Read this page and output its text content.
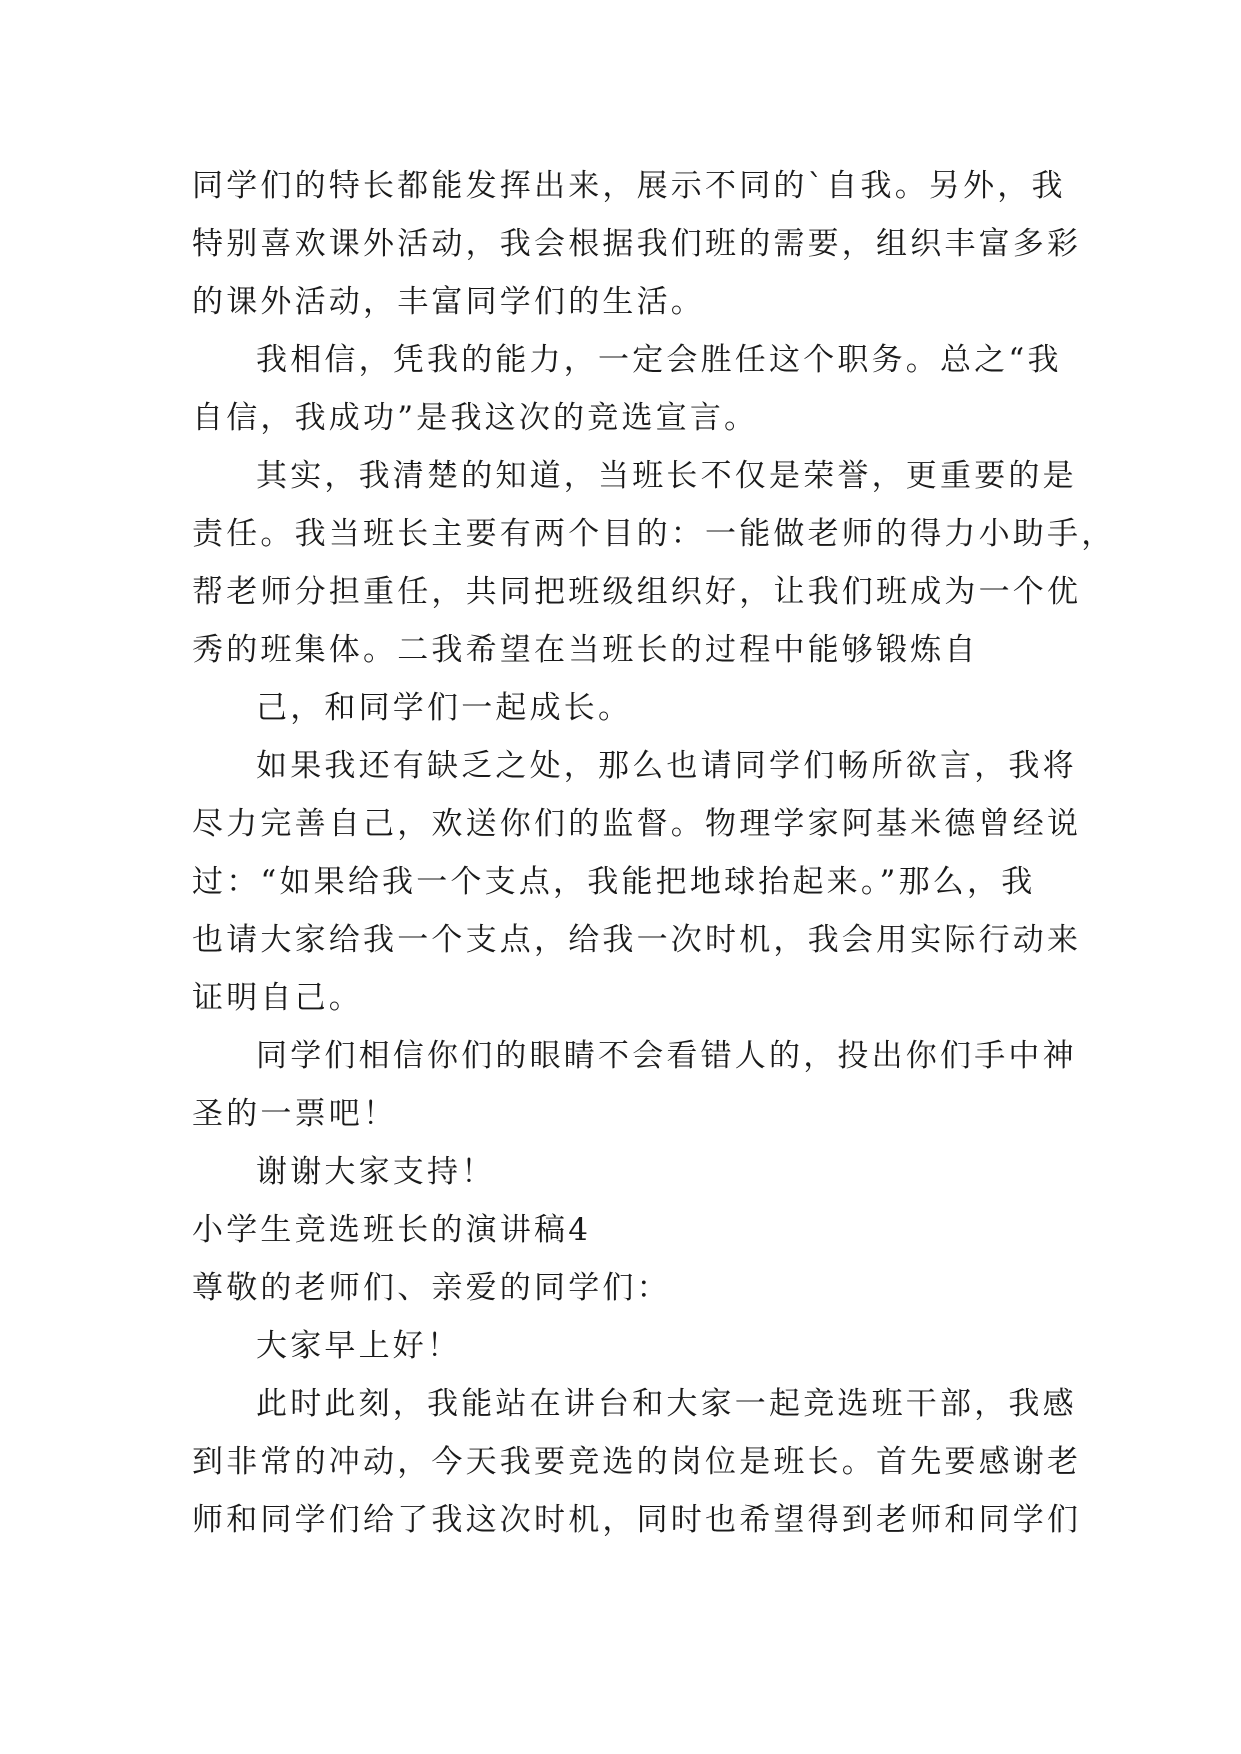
同学们的特长都能发挥出来，展示不同的`自我。另外，我
特别喜欢课外活动，我会根据我们班的需要，组织丰富多彩
的课外活动，丰富同学们的生活。
我相信，凭我的能力，一定会胜任这个职务。总之“我
自信，我成功”是我这次的竞选宣言。
其实，我清楚的知道，当班长不仅是荣誉，更重要的是
责任。我当班长主要有两个目的：一能做老师的得力小助手，
帮老师分担重任，共同把班级组织好，让我们班成为一个优
秀的班集体。二我希望在当班长的过程中能够锻炼自
己，和同学们一起成长。
如果我还有缺乏之处，那么也请同学们畅所欲言，我将
尽力完善自己，欢送你们的监督。物理学家阿基米德曾经说
过：“如果给我一个支点，我能把地球抬起来。”那么，我
也请大家给我一个支点，给我一次时机，我会用实际行动来
证明自己。
同学们相信你们的眼睛不会看错人的，投出你们手中神
圣的一票吧！
谢谢大家支持！
小学生竞选班长的演讲稿4
尊敬的老师们、亲爱的同学们：
大家早上好！
此时此刻，我能站在讲台和大家一起竞选班干部，我感
到非常的冲动，今天我要竞选的岗位是班长。首先要感谢老
师和同学们给了我这次时机，同时也希望得到老师和同学们
